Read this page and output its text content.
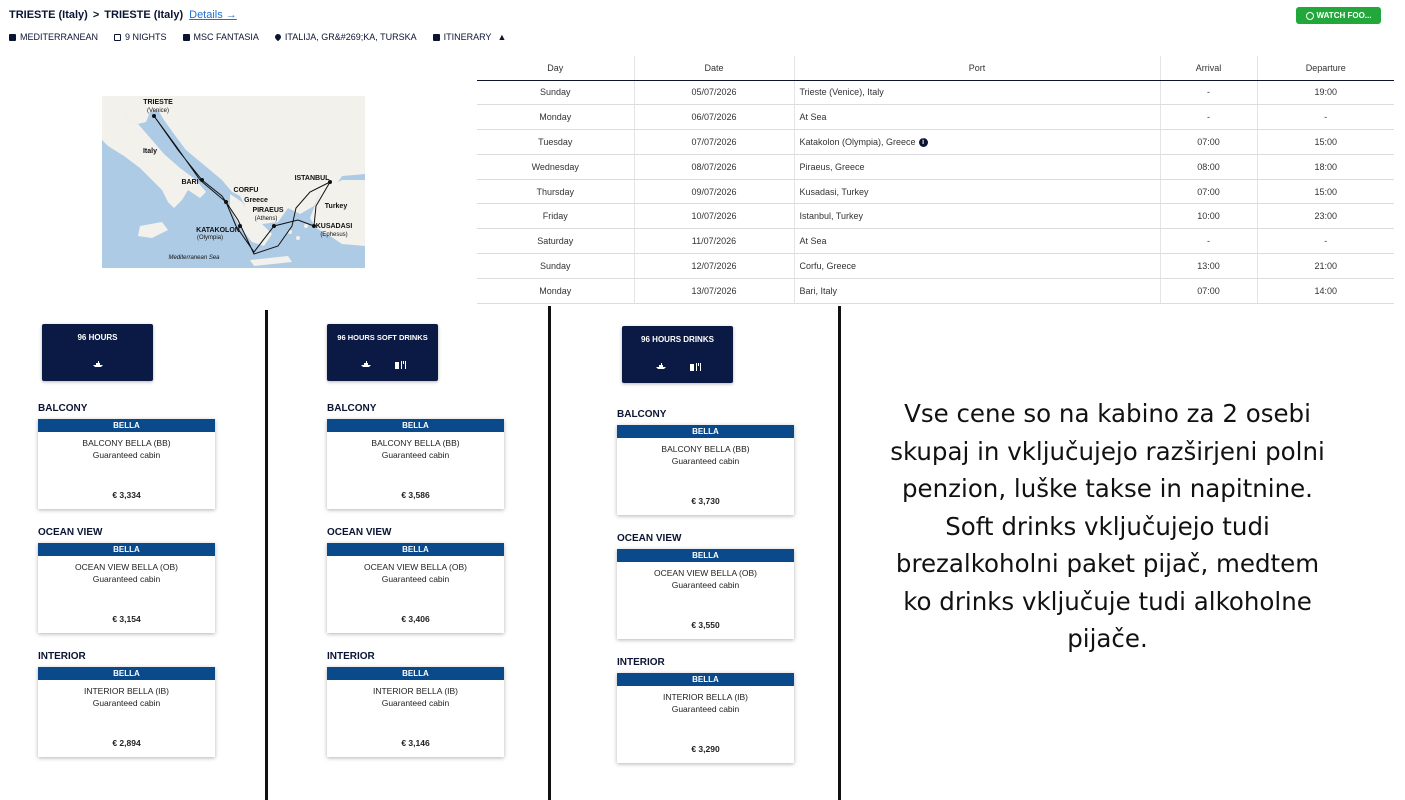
TRIESTE (Italy) > TRIESTE (Italy) Details →	WATCH FOO...
MEDITERRANEAN	9 NIGHTS	MSC FANTASIA	ITALIJA, GR&#269;KA, TURSKA	ITINERARY ▲
TRIESTE
(Venice)
Italy
BARI
CORFU
Greece
ISTANBUL
Turkey
PIRAEUS
(Athens)
KUSADASI
(Ephesus)
KATAKOLON
(Olympia)
Mediterranean Sea
Day	Date	Port	Arrival	Departure
Sunday	05/07/2026	Trieste (Venice), Italy	-	19:00
Monday	06/07/2026	At Sea	-	-
Tuesday	07/07/2026	Katakolon (Olympia), Greece i	07:00	15:00
Wednesday	08/07/2026	Piraeus, Greece	08:00	18:00
Thursday	09/07/2026	Kusadasi, Turkey	07:00	15:00
Friday	10/07/2026	Istanbul, Turkey	10:00	23:00
Saturday	11/07/2026	At Sea	-	-
Sunday	12/07/2026	Corfu, Greece	13:00	21:00
Monday	13/07/2026	Bari, Italy	07:00	14:00
96 HOURS
BALCONY
BELLA
BALCONY BELLA (BB)
Guaranteed cabin
€ 3,334
OCEAN VIEW
BELLA
OCEAN VIEW BELLA (OB)
Guaranteed cabin
€ 3,154
INTERIOR
BELLA
INTERIOR BELLA (IB)
Guaranteed cabin
€ 2,894
96 HOURS SOFT DRINKS
BALCONY
BELLA
BALCONY BELLA (BB)
Guaranteed cabin
€ 3,586
OCEAN VIEW
BELLA
OCEAN VIEW BELLA (OB)
Guaranteed cabin
€ 3,406
INTERIOR
BELLA
INTERIOR BELLA (IB)
Guaranteed cabin
€ 3,146
96 HOURS DRINKS
BALCONY
BELLA
BALCONY BELLA (BB)
Guaranteed cabin
€ 3,730
OCEAN VIEW
BELLA
OCEAN VIEW BELLA (OB)
Guaranteed cabin
€ 3,550
INTERIOR
BELLA
INTERIOR BELLA (IB)
Guaranteed cabin
€ 3,290
Vse cene so na kabino za 2 osebi skupaj in vključujejo razširjeni polni penzion, luške takse in napitnine. Soft drinks vključujejo tudi brezalkoholni paket pijač, medtem ko drinks vključuje tudi alkoholne pijače.
